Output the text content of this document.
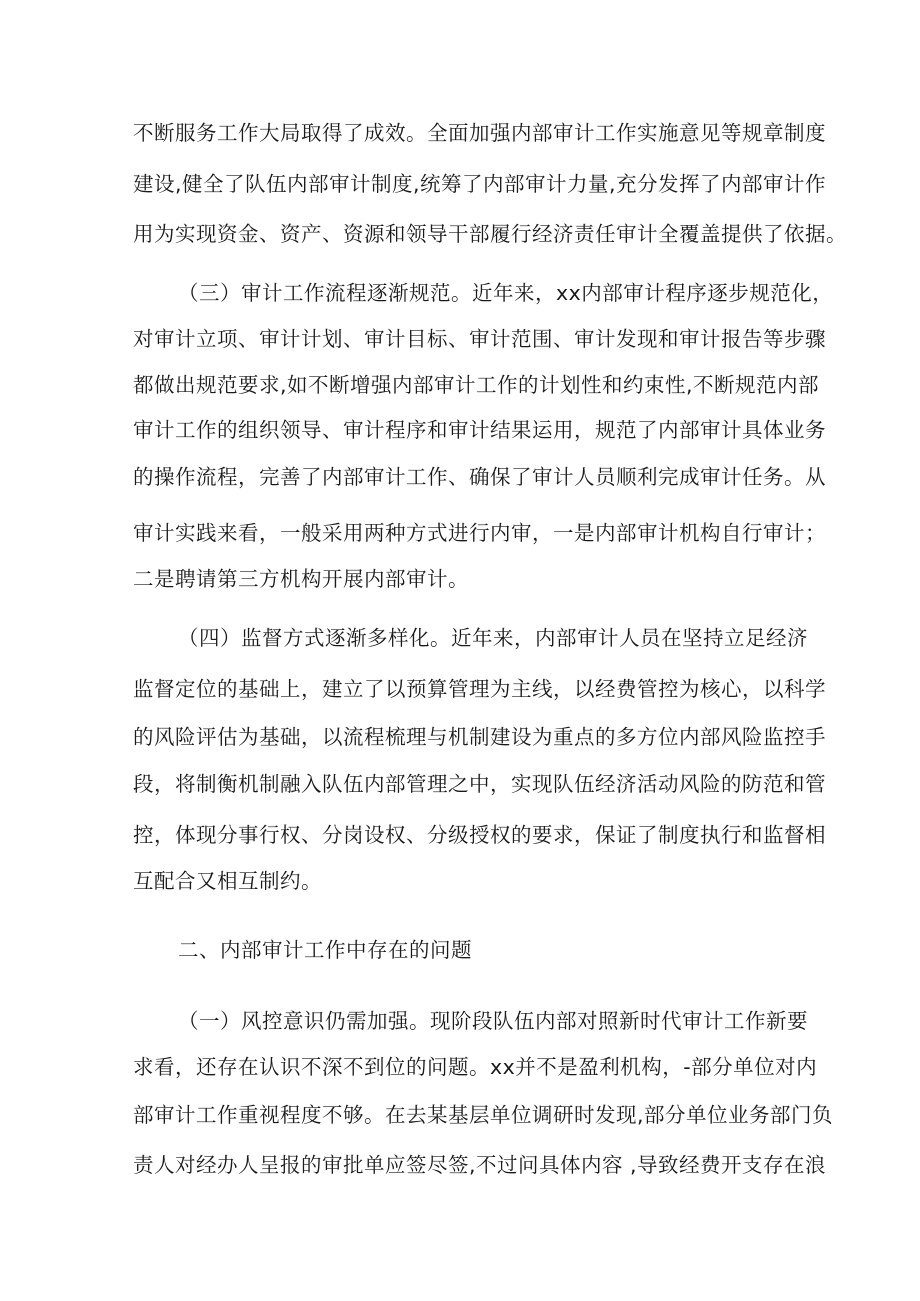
不断服务工作大局取得了成效。全面加强内部审计工作实施意见等规章制度
建设,健全了队伍内部审计制度,统筹了内部审计力量,充分发挥了内部审计作
用为实现资金、资产、资源和领导干部履行经济责任审计全覆盖提供了依据。
（三）审计工作流程逐渐规范。近年来，xx内部审计程序逐步规范化，
对审计立项、审计计划、审计目标、审计范围、审计发现和审计报告等步骤
都做出规范要求,如不断增强内部审计工作的计划性和约束性,不断规范内部
审计工作的组织领导、审计程序和审计结果运用，规范了内部审计具体业务
的操作流程，完善了内部审计工作、确保了审计人员顺利完成审计任务。从
审计实践来看，一般采用两种方式进行内审，一是内部审计机构自行审计；
二是聘请第三方机构开展内部审计。
（四）监督方式逐渐多样化。近年来，内部审计人员在坚持立足经济
监督定位的基础上，建立了以预算管理为主线，以经费管控为核心，以科学
的风险评估为基础，以流程梳理与机制建设为重点的多方位内部风险监控手
段，将制衡机制融入队伍内部管理之中，实现队伍经济活动风险的防范和管
控，体现分事行权、分岗设权、分级授权的要求，保证了制度执行和监督相
互配合又相互制约。
二、内部审计工作中存在的问题
（一）风控意识仍需加强。现阶段队伍内部对照新时代审计工作新要
求看，还存在认识不深不到位的问题。xx并不是盈利机构，-部分单位对内
部审计工作重视程度不够。在去某基层单位调研时发现,部分单位业务部门负
责人对经办人呈报的审批单应签尽签,不过问具体内容 ,导致经费开支存在浪
